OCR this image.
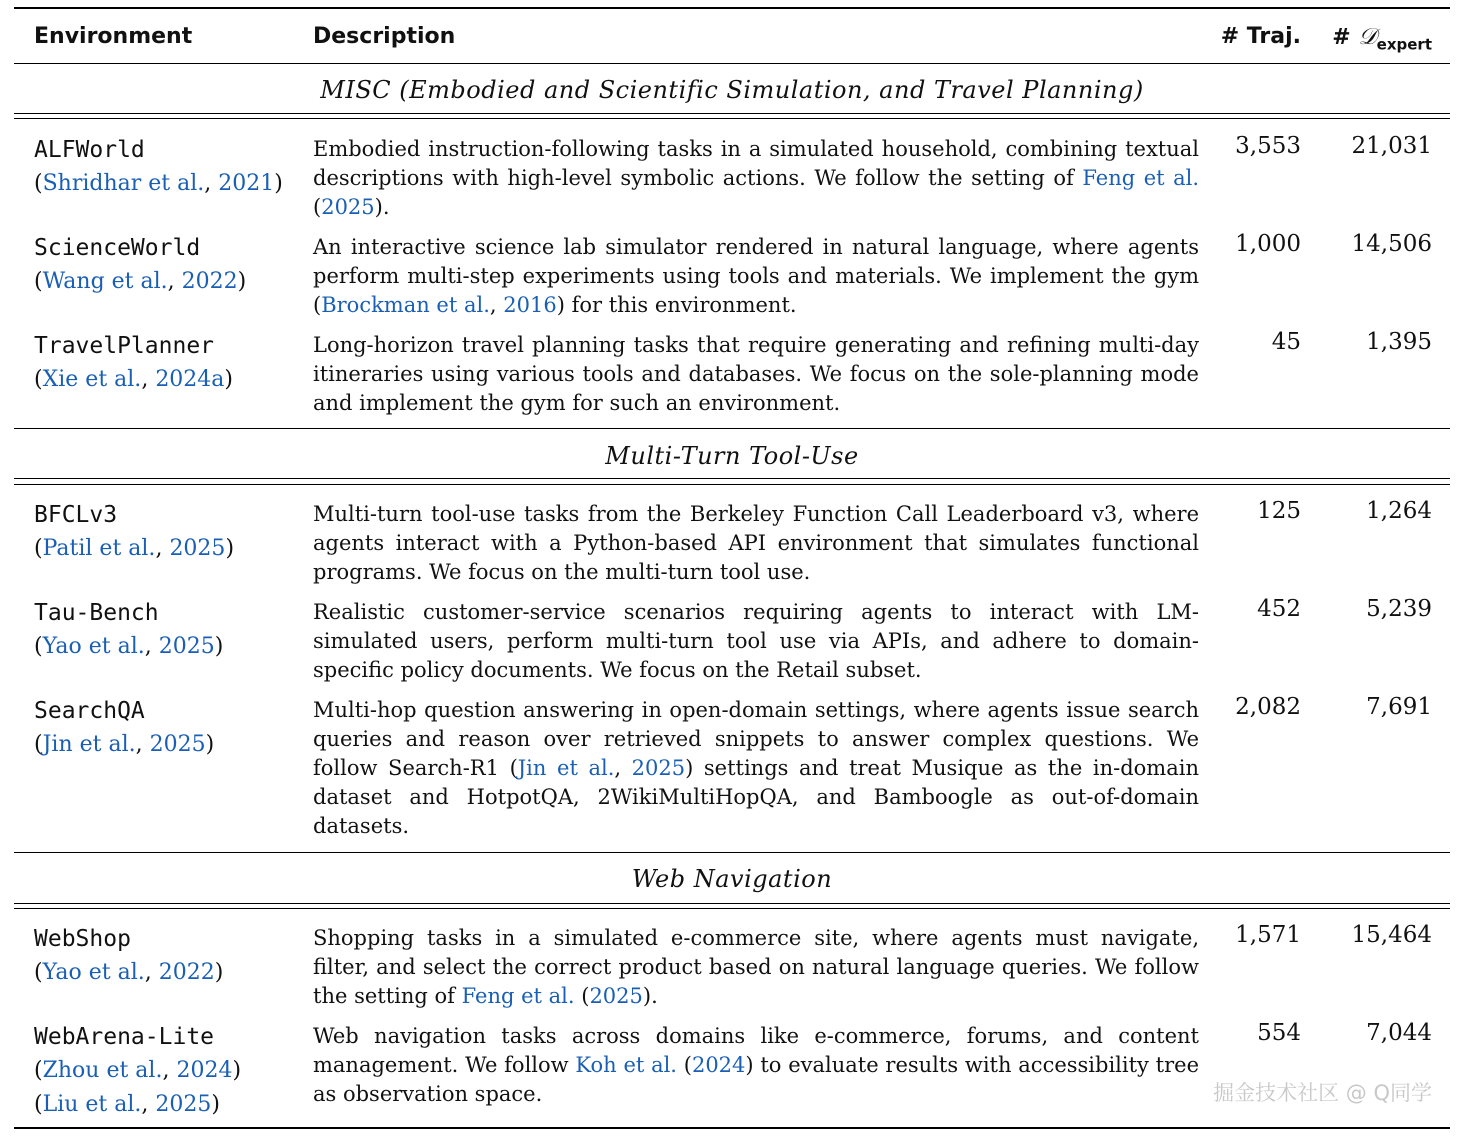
Environment	Description	# Traj. # 𝒟$_{expert}$
MISC (Embodied and Scientific Simulation, and Travel Planning)
ALFWorld
(Shridhar et al., 2021)
Embodied instruction-following tasks in a simulated household, combining textual descriptions with high-level symbolic actions. We follow the setting of Feng et al. (2025).
3,553 21,031
ScienceWorld
(Wang et al., 2022)
An interactive science lab simulator rendered in natural language, where agents perform multi-step experiments using tools and materials. We implement the gym (Brockman et al., 2016) for this environment.
1,000 14,506
TravelPlanner
(Xie et al., 2024a)
Long-horizon travel planning tasks that require generating and refining multi-day itineraries using various tools and databases. We focus on the sole-planning mode and implement the gym for such an environment.
45	1,395
Multi-Turn Tool-Use
BFCLv3
(Patil et al., 2025)
Multi-turn tool-use tasks from the Berkeley Function Call Leaderboard v3, where agents interact with a Python-based API environment that simulates functional programs. We focus on the multi-turn tool use.
125	1,264
Tau-Bench
(Yao et al., 2025)
Realistic customer-service scenarios requiring agents to interact with LM-simulated users, perform multi-turn tool use via APIs, and adhere to domain-specific policy documents. We focus on the Retail subset.
452	5,239
SearchQA
(Jin et al., 2025)
Multi-hop question answering in open-domain settings, where agents issue search queries and reason over retrieved snippets to answer complex questions. We follow Search-R1 (Jin et al., 2025) settings and treat Musique as the in-domain dataset and HotpotQA, 2WikiMultiHopQA, and Bamboogle as out-of-domain datasets.
2,082	7,691
Web Navigation
WebShop
(Yao et al., 2022)
Shopping tasks in a simulated e-commerce site, where agents must navigate, filter, and select the correct product based on natural language queries. We follow the setting of Feng et al. (2025).
1,571 15,464
WebArena-Lite
(Zhou et al., 2024)
(Liu et al., 2025)
Web navigation tasks across domains like e-commerce, forums, and content management. We follow Koh et al. (2024) to evaluate results with accessibility tree as observation space.
554	7,044
掘金技术社区 @ Q同学
